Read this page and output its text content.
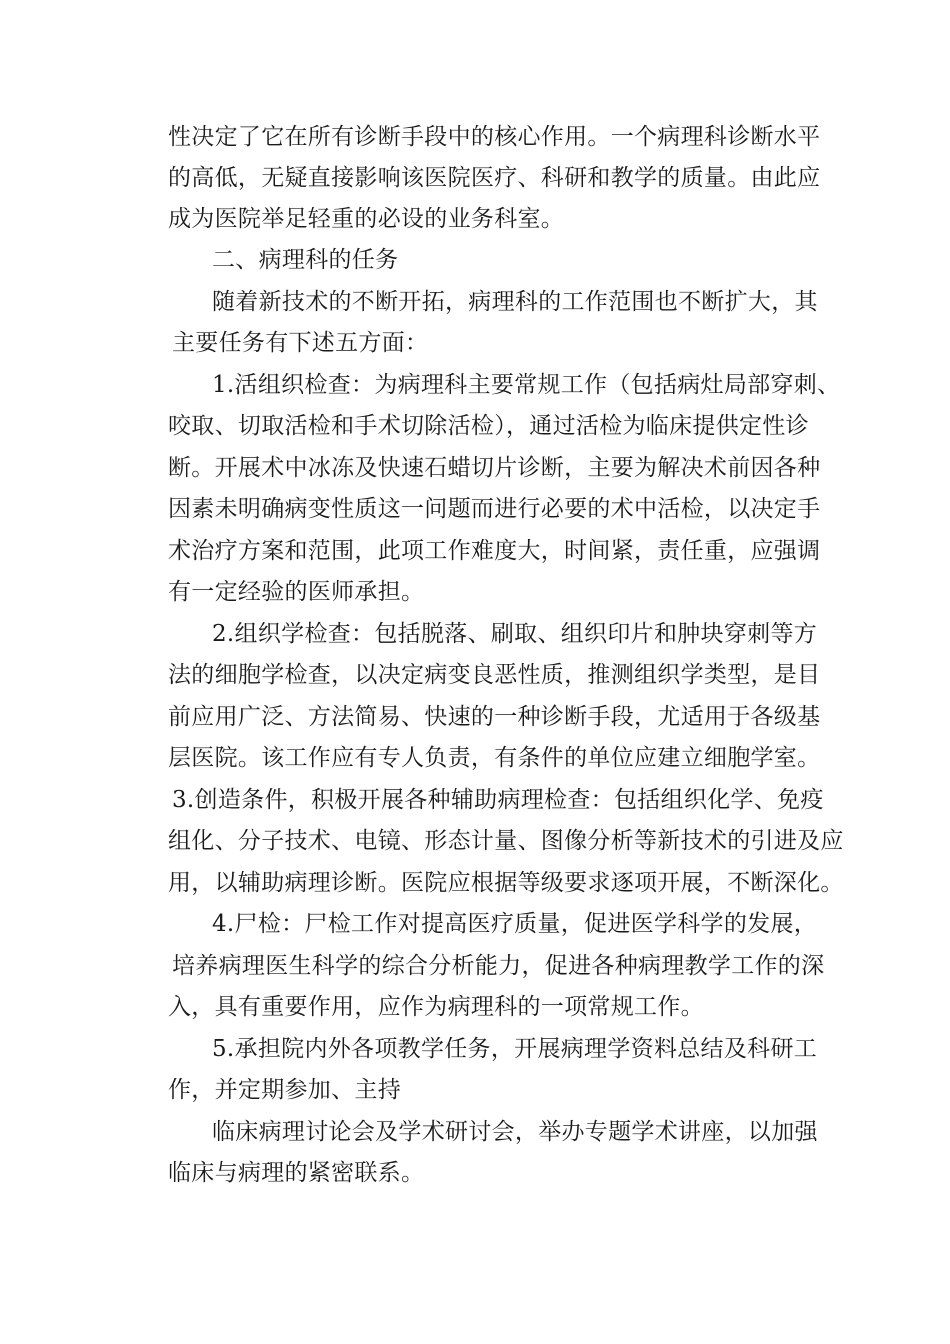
性决定了它在所有诊断手段中的核心作用。一个病理科诊断水平
的高低，无疑直接影响该医院医疗、科研和教学的质量。由此应
成为医院举足轻重的必设的业务科室。
二、病理科的任务
随着新技术的不断开拓，病理科的工作范围也不断扩大，其
主要任务有下述五方面：
1.活组织检查：为病理科主要常规工作（包括病灶局部穿刺、
咬取、切取活检和手术切除活检），通过活检为临床提供定性诊
断。开展术中冰冻及快速石蜡切片诊断，主要为解决术前因各种
因素未明确病变性质这一问题而进行必要的术中活检，以决定手
术治疗方案和范围，此项工作难度大，时间紧，责任重，应强调
有一定经验的医师承担。
2.组织学检查：包括脱落、刷取、组织印片和肿块穿刺等方
法的细胞学检查，以决定病变良恶性质，推测组织学类型，是目
前应用广泛、方法简易、快速的一种诊断手段，尤适用于各级基
层医院。该工作应有专人负责，有条件的单位应建立细胞学室。
3.创造条件，积极开展各种辅助病理检查：包括组织化学、免疫
组化、分子技术、电镜、形态计量、图像分析等新技术的引进及应
用，以辅助病理诊断。医院应根据等级要求逐项开展，不断深化。
4.尸检：尸检工作对提高医疗质量，促进医学科学的发展，
培养病理医生科学的综合分析能力，促进各种病理教学工作的深
入，具有重要作用，应作为病理科的一项常规工作。
5.承担院内外各项教学任务，开展病理学资料总结及科研工
作，并定期参加、主持
临床病理讨论会及学术研讨会，举办专题学术讲座，以加强
临床与病理的紧密联系。
